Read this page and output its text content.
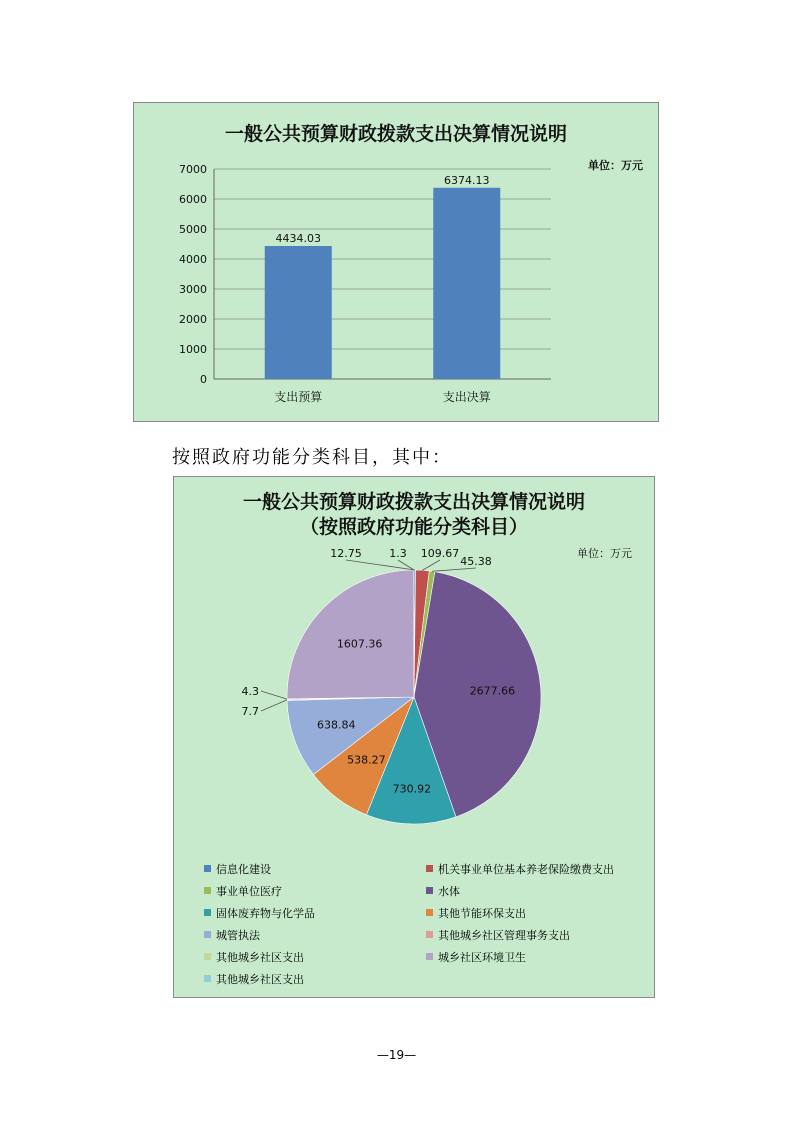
一般公共预算财政拨款支出决算情况说明
单位：万元
0
1000
2000
3000
4000
5000
6000
7000
4434.03
支出预算
6374.13
支出决算
按照政府功能分类科目，其中：
一般公共预算财政拨款支出决算情况说明
（按照政府功能分类科目）
单位：万元
12.75	109.67
45.38
2677.66
730.92
538.27
638.84
7.7
4.3
1607.36
1.3
信息化建设	机关事业单位基本养老保险缴费支出
事业单位医疗	水体
固体废弃物与化学品	其他节能环保支出
城管执法	其他城乡社区管理事务支出
其他城乡社区支出	城乡社区环境卫生
其他城乡社区支出
—19—
